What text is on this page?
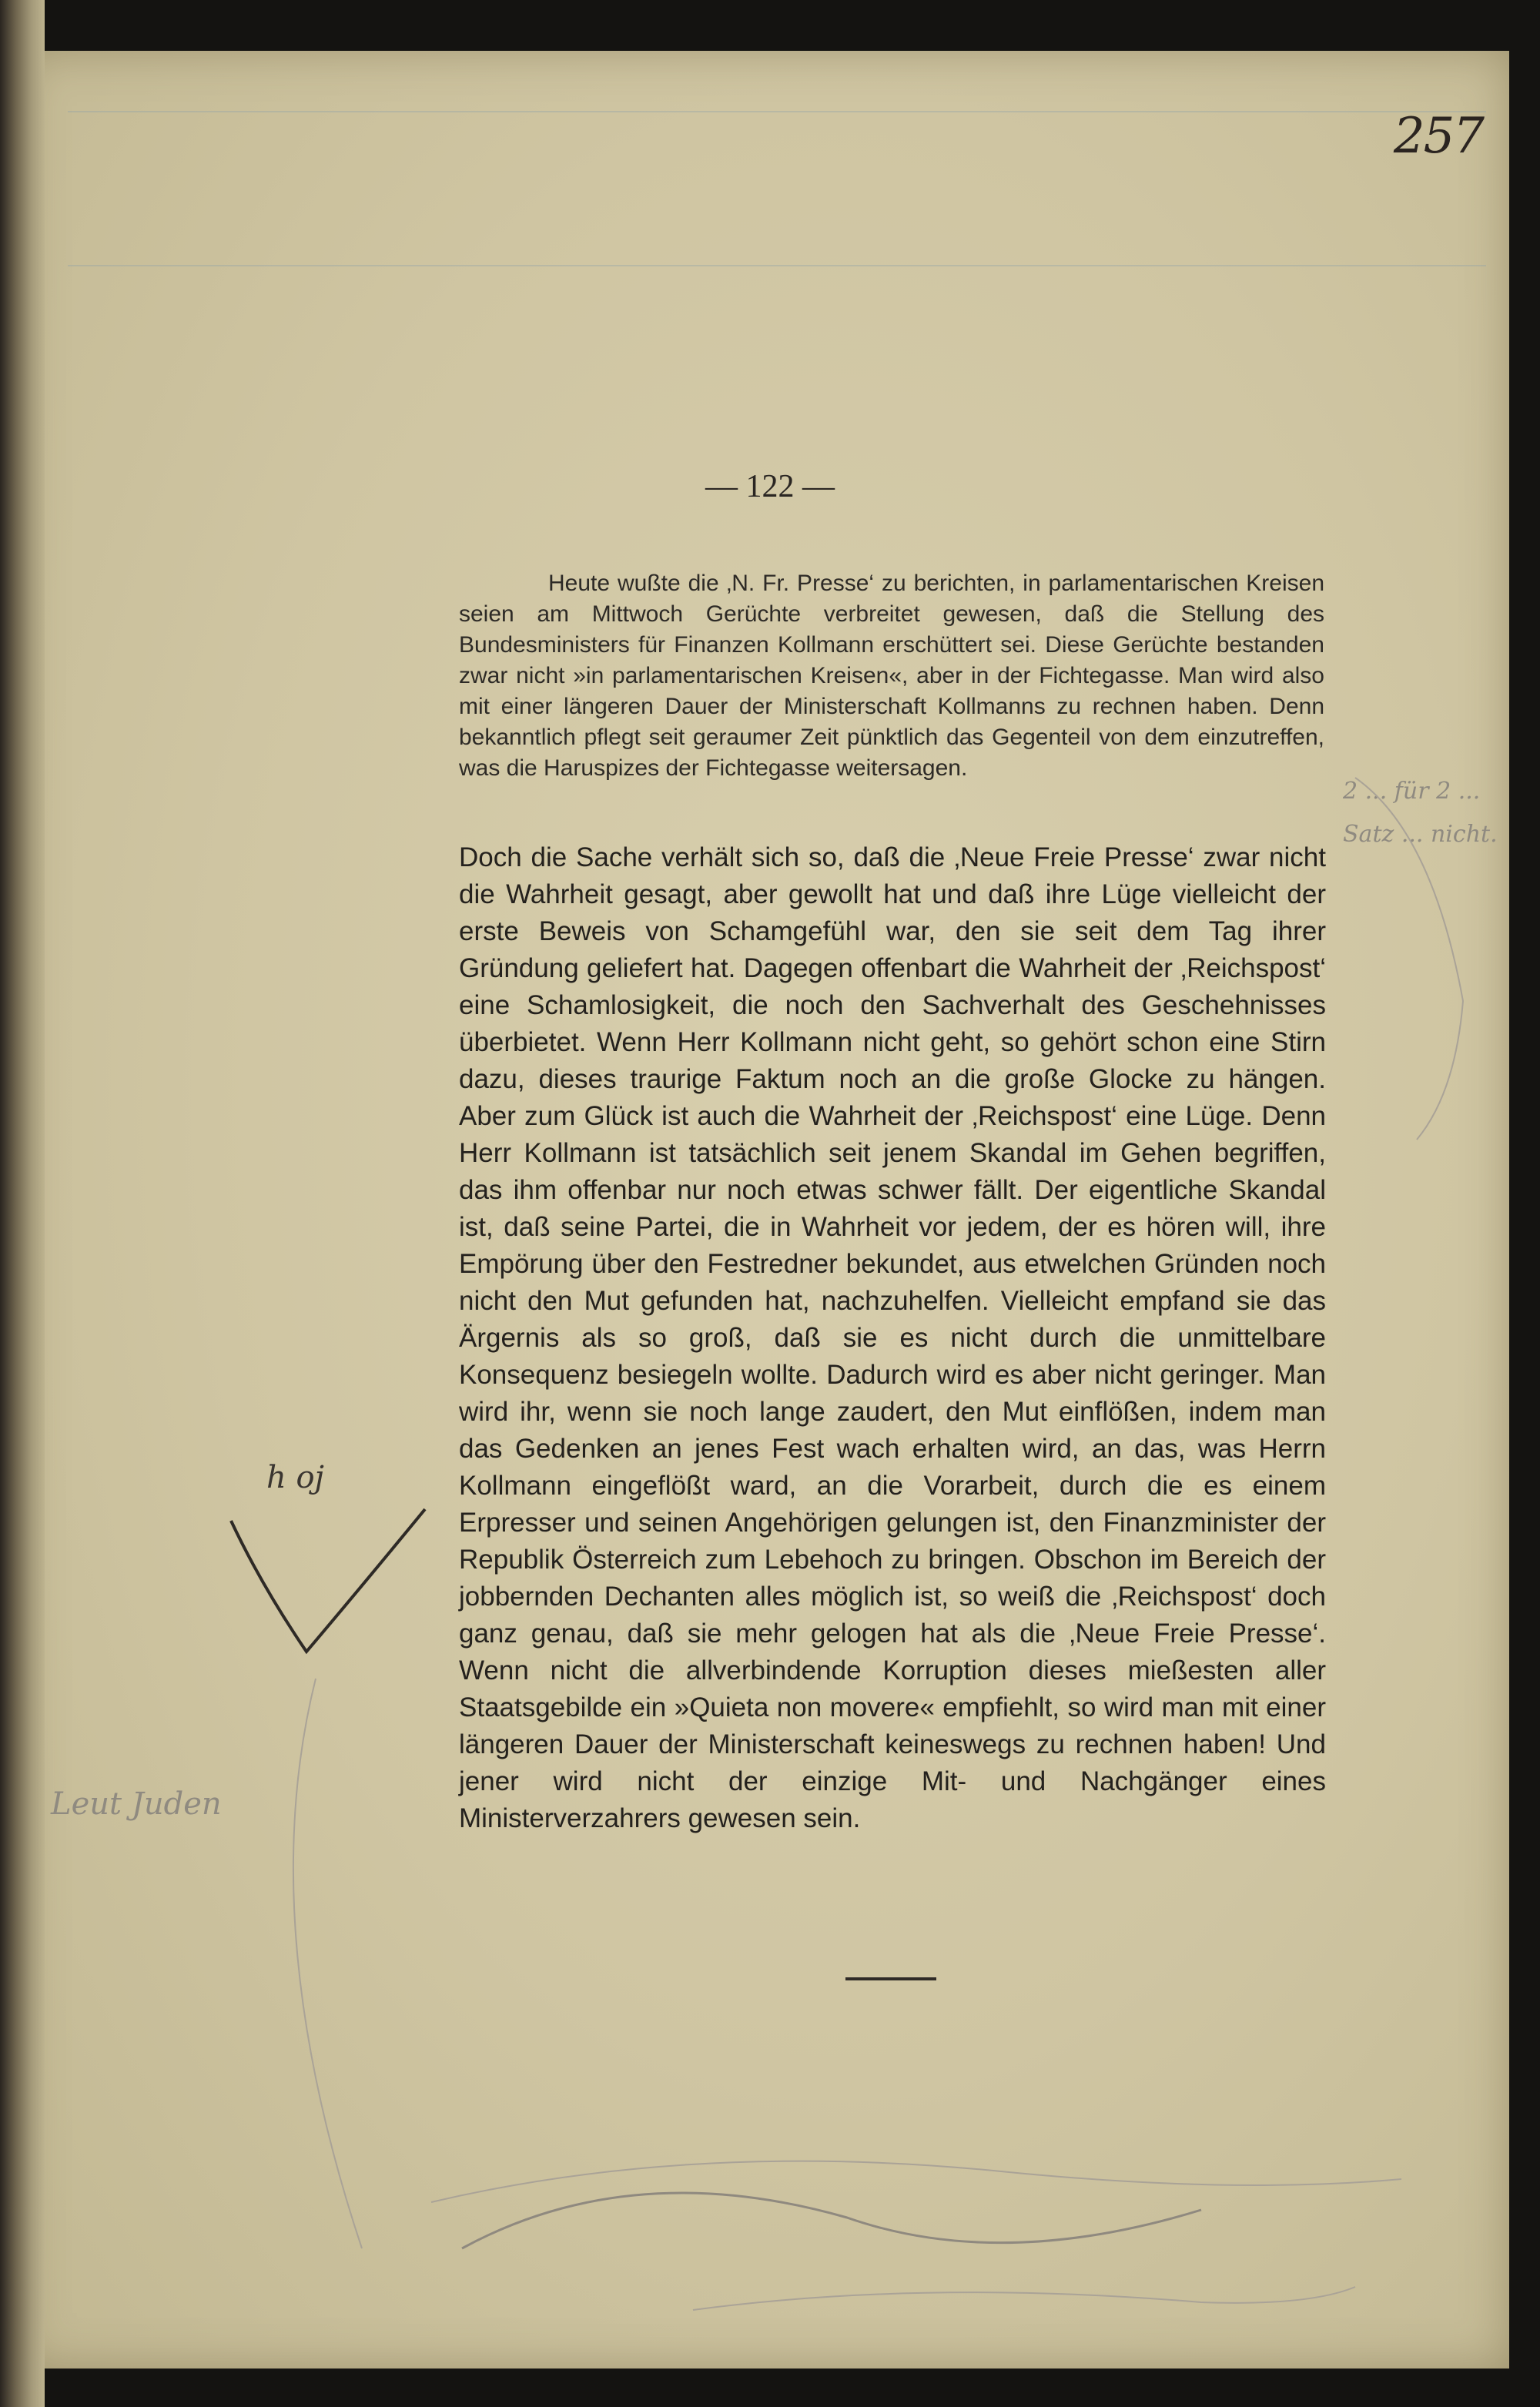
257
— 122 —

Heute wußte die ‚N. Fr. Presse‘ zu berichten, in parlamentarischen Kreisen seien am Mittwoch Gerüchte verbreitet gewesen, daß die Stellung des Bundesministers für Finanzen Kollmann erschüttert sei. Diese Gerüchte bestanden zwar nicht »in parlamentarischen Kreisen«, aber in der Fichtegasse. Man wird also mit einer längeren Dauer der Ministerschaft Kollmanns zu rechnen haben. Denn bekanntlich pflegt seit geraumer Zeit pünktlich das Gegenteil von dem einzutreffen, was die Haruspizes der Fichtegasse weitersagen.

Doch die Sache verhält sich so, daß die ‚Neue Freie Presse‘ zwar nicht die Wahrheit gesagt, aber gewollt hat und daß ihre Lüge vielleicht der erste Beweis von Schamgefühl war, den sie seit dem Tag ihrer Gründung geliefert hat. Dagegen offenbart die Wahrheit der ‚Reichspost‘ eine Schamlosigkeit, die noch den Sachverhalt des Geschehnisses überbietet. Wenn Herr Kollmann nicht geht, so gehört schon eine Stirn dazu, dieses traurige Faktum noch an die große Glocke zu hängen. Aber zum Glück ist auch die Wahrheit der ‚Reichspost‘ eine Lüge. Denn Herr Kollmann ist tatsächlich seit jenem Skandal im Gehen begriffen, das ihm offenbar nur noch etwas schwer fällt. Der eigentliche Skandal ist, daß seine Partei, die in Wahrheit vor jedem, der es hören will, ihre Empörung über den Festredner bekundet, aus etwelchen Gründen noch nicht den Mut gefunden hat, nachzuhelfen. Vielleicht empfand sie das Ärgernis als so groß, daß sie es nicht durch die unmittelbare Konsequenz besiegeln wollte. Dadurch wird es aber nicht geringer. Man wird ihr, wenn sie noch lange zaudert, den Mut einflößen, indem man das Gedenken an jenes Fest wach erhalten wird, an das, was Herrn Kollmann eingeflößt ward, an die Vorarbeit, durch die es einem Erpresser und seinen Angehörigen gelungen ist, den Finanzminister der Republik Österreich zum Lebehoch zu bringen. Obschon im Bereich der jobbernden Dechanten alles möglich ist, so weiß die ‚Reichspost‘ doch ganz genau, daß sie mehr gelogen hat als die ‚Neue Freie Presse‘. Wenn nicht die allverbindende Korruption dieses mießesten aller Staatsgebilde ein »Quieta non movere« empfiehlt, so wird man mit einer längeren Dauer der Ministerschaft keineswegs zu rechnen haben! Und jener wird nicht der einzige Mit- und Nachgänger eines Ministerverzahrers gewesen sein.

h oj
Leut Juden
2 ... für 2 ... Satz ... nicht.
